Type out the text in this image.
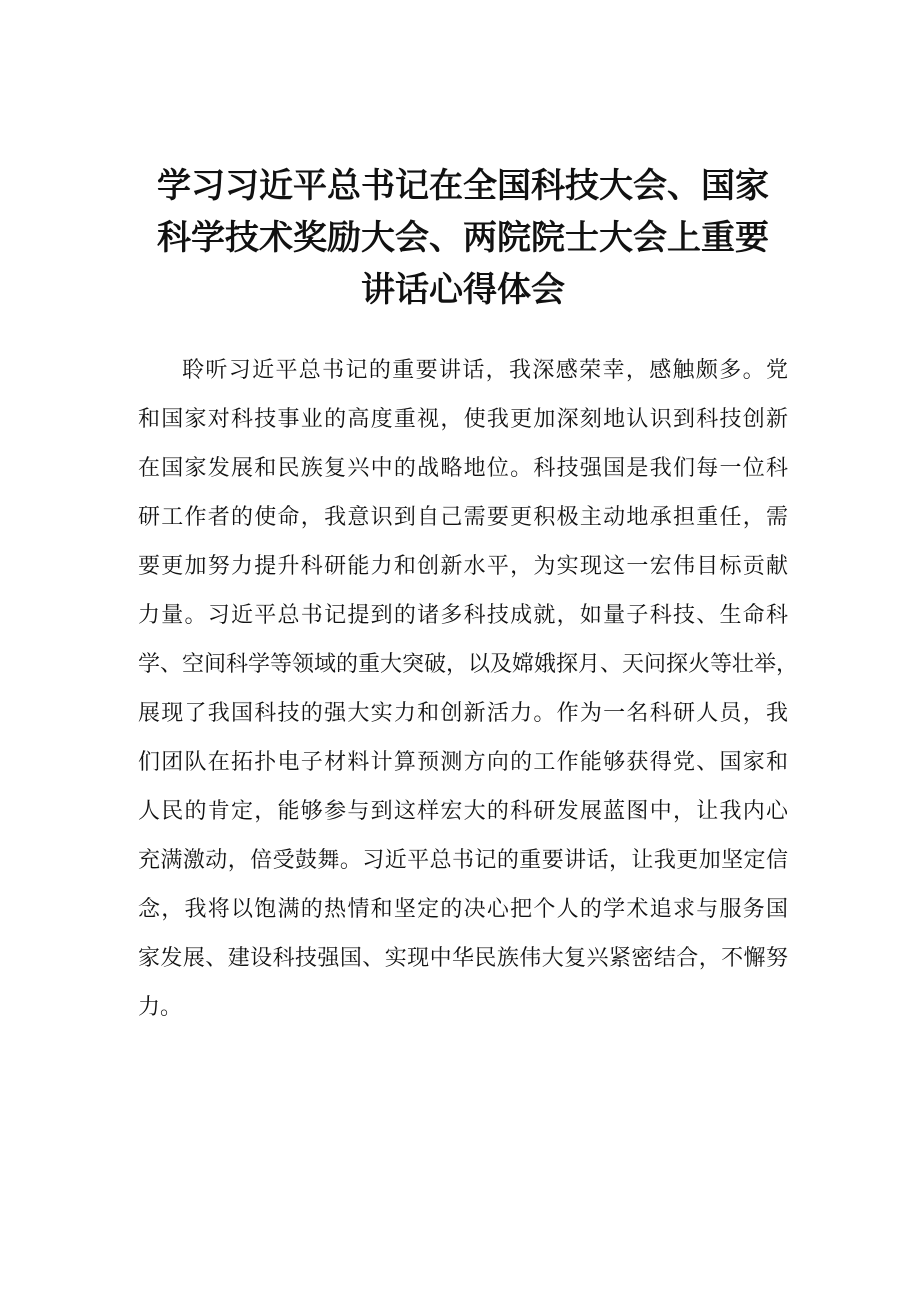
学习习近平总书记在全国科技大会、国家
科学技术奖励大会、两院院士大会上重要
讲话心得体会
聆听习近平总书记的重要讲话，我深感荣幸，感触颇多。党
和国家对科技事业的高度重视，使我更加深刻地认识到科技创新
在国家发展和民族复兴中的战略地位。科技强国是我们每一位科
研工作者的使命，我意识到自己需要更积极主动地承担重任，需
要更加努力提升科研能力和创新水平，为实现这一宏伟目标贡献
力量。习近平总书记提到的诸多科技成就，如量子科技、生命科
学、空间科学等领域的重大突破，以及嫦娥探月、天问探火等壮举，
展现了我国科技的强大实力和创新活力。作为一名科研人员，我
们团队在拓扑电子材料计算预测方向的工作能够获得党、国家和
人民的肯定，能够参与到这样宏大的科研发展蓝图中，让我内心
充满激动，倍受鼓舞。习近平总书记的重要讲话，让我更加坚定信
念，我将以饱满的热情和坚定的决心把个人的学术追求与服务国
家发展、建设科技强国、实现中华民族伟大复兴紧密结合，不懈努
力。
